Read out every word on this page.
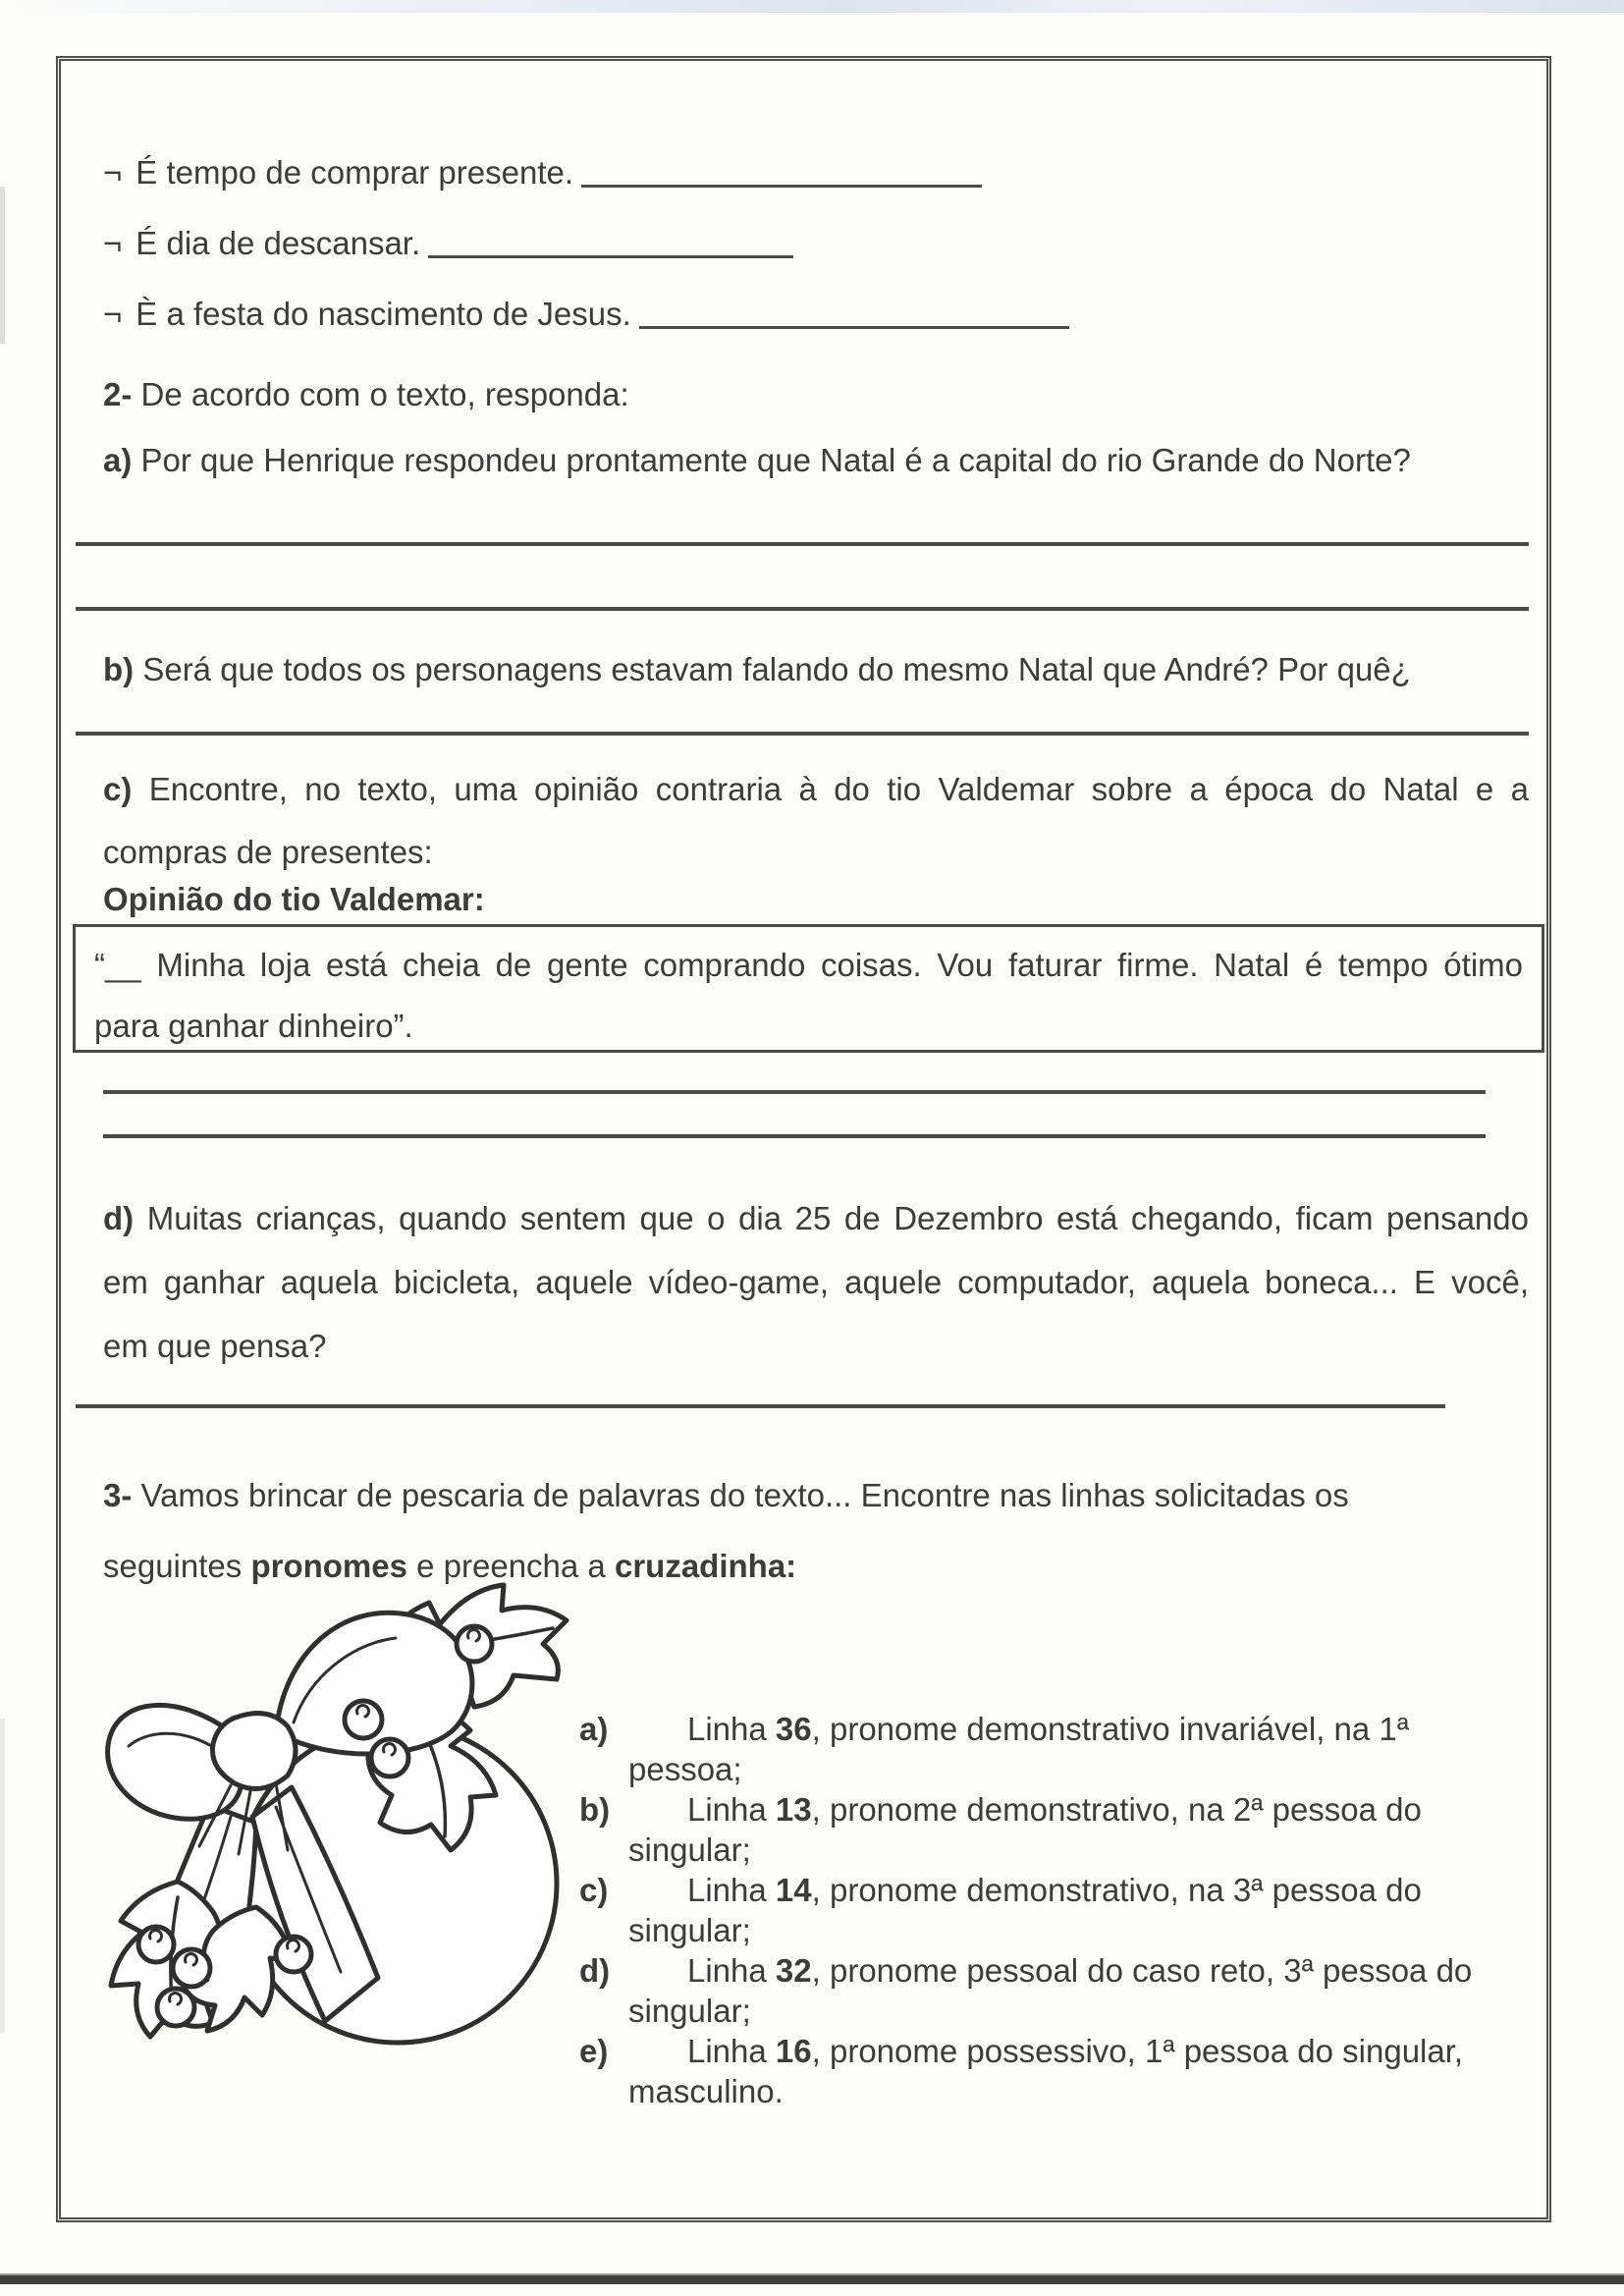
¬ É tempo de comprar presente.
¬ É dia de descansar.
¬ È a festa do nascimento de Jesus.
2- De acordo com o texto, responda:
a) Por que Henrique respondeu prontamente que Natal é a capital do rio Grande do Norte?
b) Será que todos os personagens estavam falando do mesmo Natal que André? Por quê¿
c) Encontre, no texto, uma opinião contraria à do tio Valdemar sobre a época do Natal e a
compras de presentes:
Opinião do tio Valdemar:
“__ Minha loja está cheia de gente comprando coisas. Vou faturar firme. Natal é tempo ótimo
para ganhar dinheiro”.
d) Muitas crianças, quando sentem que o dia 25 de Dezembro está chegando, ficam pensando
em ganhar aquela bicicleta, aquele vídeo-game, aquele computador, aquela boneca... E você,
em que pensa?
3- Vamos brincar de pescaria de palavras do texto... Encontre nas linhas solicitadas os
seguintes pronomes e preencha a cruzadinha:
a)	Linha 36, pronome demonstrativo invariável, na 1ª pessoa;
b)	Linha 13, pronome demonstrativo, na 2ª pessoa do singular;
c)	Linha 14, pronome demonstrativo, na 3ª pessoa do singular;
d)	Linha 32, pronome pessoal do caso reto, 3ª pessoa do singular;
e)	Linha 16, pronome possessivo, 1ª pessoa do singular, masculino.
